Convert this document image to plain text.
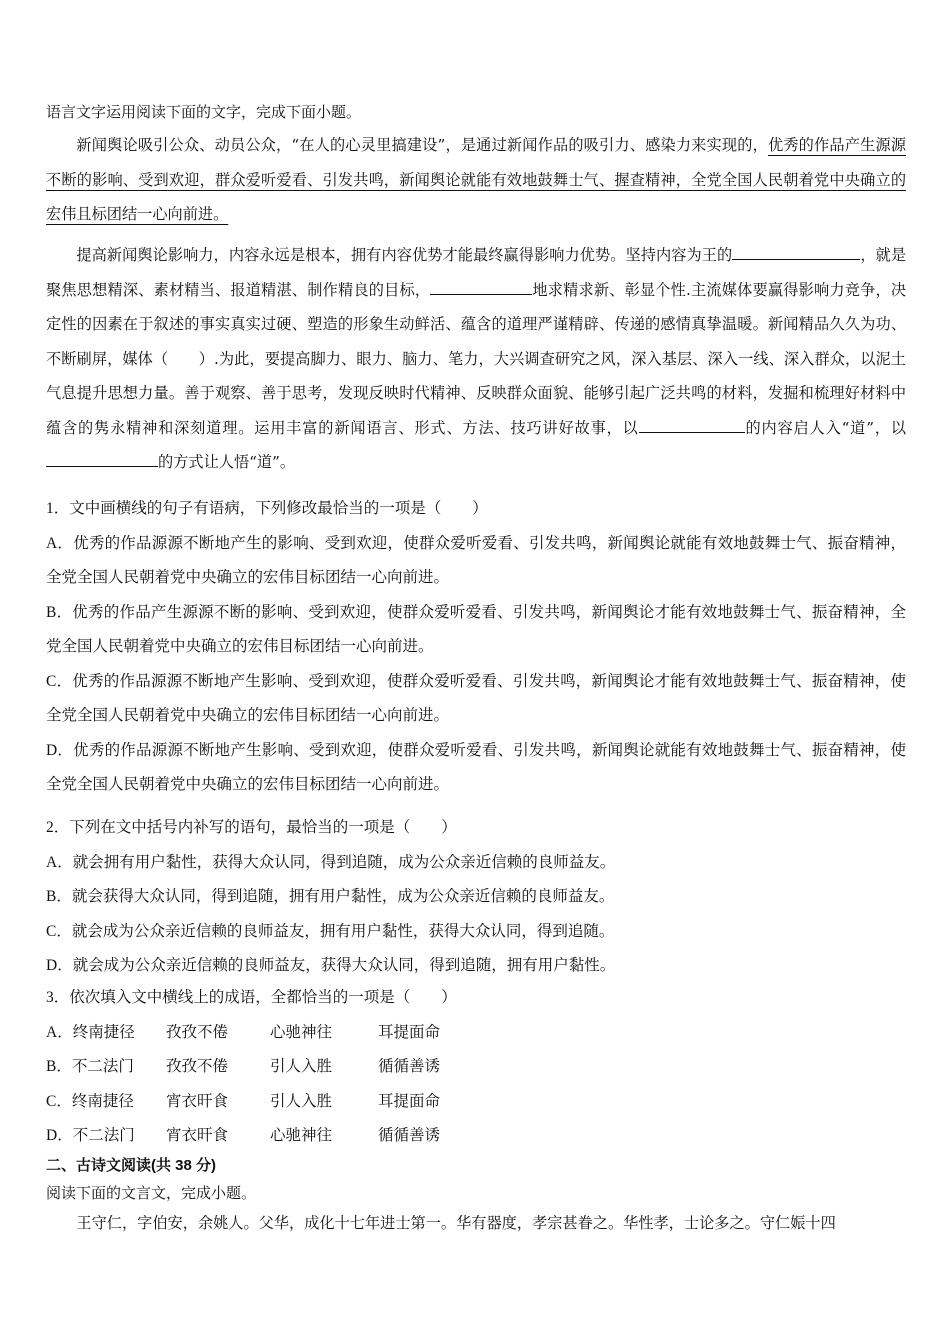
语言文字运用阅读下面的文字，完成下面小题。
新闻舆论吸引公众、动员公众，“在人的心灵里搞建设”，是通过新闻作品的吸引力、感染力来实现的，优秀的作品产生源源不断的影响、受到欢迎，群众爱听爱看、引发共鸣，新闻舆论就能有效地鼓舞士气、握查精神，全党全国人民朝着党中央确立的宏伟且标团结一心向前进。
提高新闻舆论影响力，内容永远是根本，拥有内容优势才能最终赢得影响力优势。坚持内容为王的	，就是聚焦思想精深、素材精当、报道精湛、制作精良的目标，	地求精求新、彰显个性.主流媒体要赢得影响力竞争，决定性的因素在于叙述的事实真实过硬、塑造的形象生动鲜活、蕴含的道理严谨精辟、传递的感情真挚温暖。新闻精品久久为功、不断刷屏，媒体（　　）.为此，要提高脚力、眼力、脑力、笔力，大兴调查研究之风，深入基层、深入一线、深入群众，以泥土气息提升思想力量。善于观察、善于思考，发现反映时代精神、反映群众面貌、能够引起广泛共鸣的材料，发掘和梳理好材料中蕴含的隽永精神和深刻道理。运用丰富的新闻语言、形式、方法、技巧讲好故事，以	的内容启人入“道”，以的方式让人悟“道”。
1．文中画横线的句子有语病，下列修改最恰当的一项是（　　）
A．优秀的作品源源不断地产生的影响、受到欢迎，使群众爱听爱看、引发共鸣，新闻舆论就能有效地鼓舞士气、振奋精神，全党全国人民朝着党中央确立的宏伟目标团结一心向前进。
B．优秀的作品产生源源不断的影响、受到欢迎，使群众爱听爱看、引发共鸣，新闻舆论才能有效地鼓舞士气、振奋精神，全党全国人民朝着党中央确立的宏伟目标团结一心向前进。
C．优秀的作品源源不断地产生影响、受到欢迎，使群众爱听爱看、引发共鸣，新闻舆论才能有效地鼓舞士气、振奋精神，使全党全国人民朝着党中央确立的宏伟目标团结一心向前进。
D．优秀的作品源源不断地产生影响、受到欢迎，使群众爱听爱看、引发共鸣，新闻舆论就能有效地鼓舞士气、振奋精神，使全党全国人民朝着党中央确立的宏伟目标团结一心向前进。
2．下列在文中括号内补写的语句，最恰当的一项是（　　）
A．就会拥有用户黏性，获得大众认同，得到追随，成为公众亲近信赖的良师益友。
B．就会获得大众认同，得到追随，拥有用户黏性，成为公众亲近信赖的良师益友。
C．就会成为公众亲近信赖的良师益友，拥有用户黏性，获得大众认同，得到追随。
D．就会成为公众亲近信赖的良师益友，获得大众认同，得到追随，拥有用户黏性。
3．依次填入文中横线上的成语，全都恰当的一项是（　　）
A．终南捷径 孜孜不倦	心驰神往	耳提面命
B．不二法门 孜孜不倦	引人入胜	循循善诱
C．终南捷径 宵衣旰食	引人入胜	耳提面命
D．不二法门 宵衣旰食	心驰神往	循循善诱
二、古诗文阅读(共 38 分)
阅读下面的文言文，完成小题。
王守仁，字伯安，余姚人。父华，成化十七年进士第一。华有器度，孝宗甚眷之。华性孝，士论多之。守仁娠十四
